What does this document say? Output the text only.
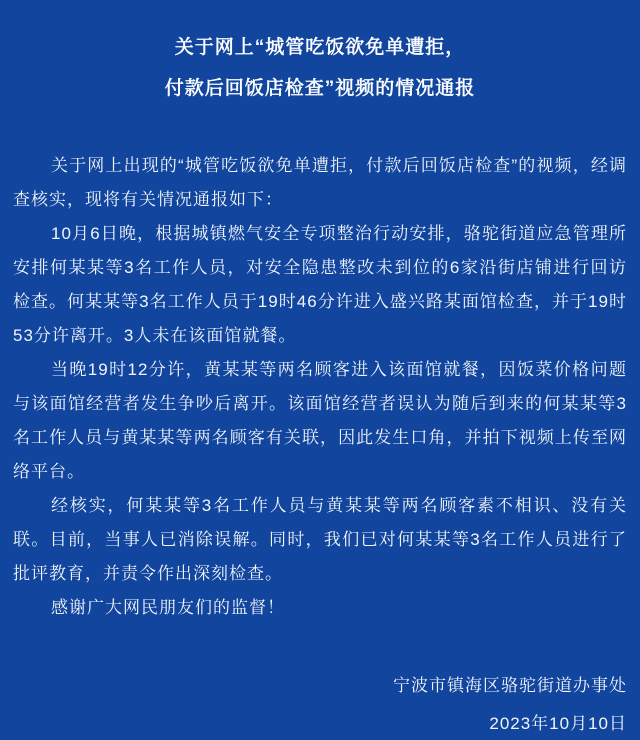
关于网上“城管吃饭欲免单遭拒，
付款后回饭店检查”视频的情况通报

关于网上出现的“城管吃饭欲免单遭拒，付款后回饭店检查”的视频，经调查核实，现将有关情况通报如下：

10月6日晚，根据城镇燃气安全专项整治行动安排，骆驼街道应急管理所安排何某某等3名工作人员，对安全隐患整改未到位的6家沿街店铺进行回访检查。何某某等3名工作人员于19时46分许进入盛兴路某面馆检查，并于19时53分许离开。3人未在该面馆就餐。

当晚19时12分许，黄某某等两名顾客进入该面馆就餐，因饭菜价格问题与该面馆经营者发生争吵后离开。该面馆经营者误认为随后到来的何某某等3名工作人员与黄某某等两名顾客有关联，因此发生口角，并拍下视频上传至网络平台。

经核实，何某某等3名工作人员与黄某某等两名顾客素不相识、没有关联。目前，当事人已消除误解。同时，我们已对何某某等3名工作人员进行了批评教育，并责令作出深刻检查。

感谢广大网民朋友们的监督！

宁波市镇海区骆驼街道办事处
2023年10月10日
